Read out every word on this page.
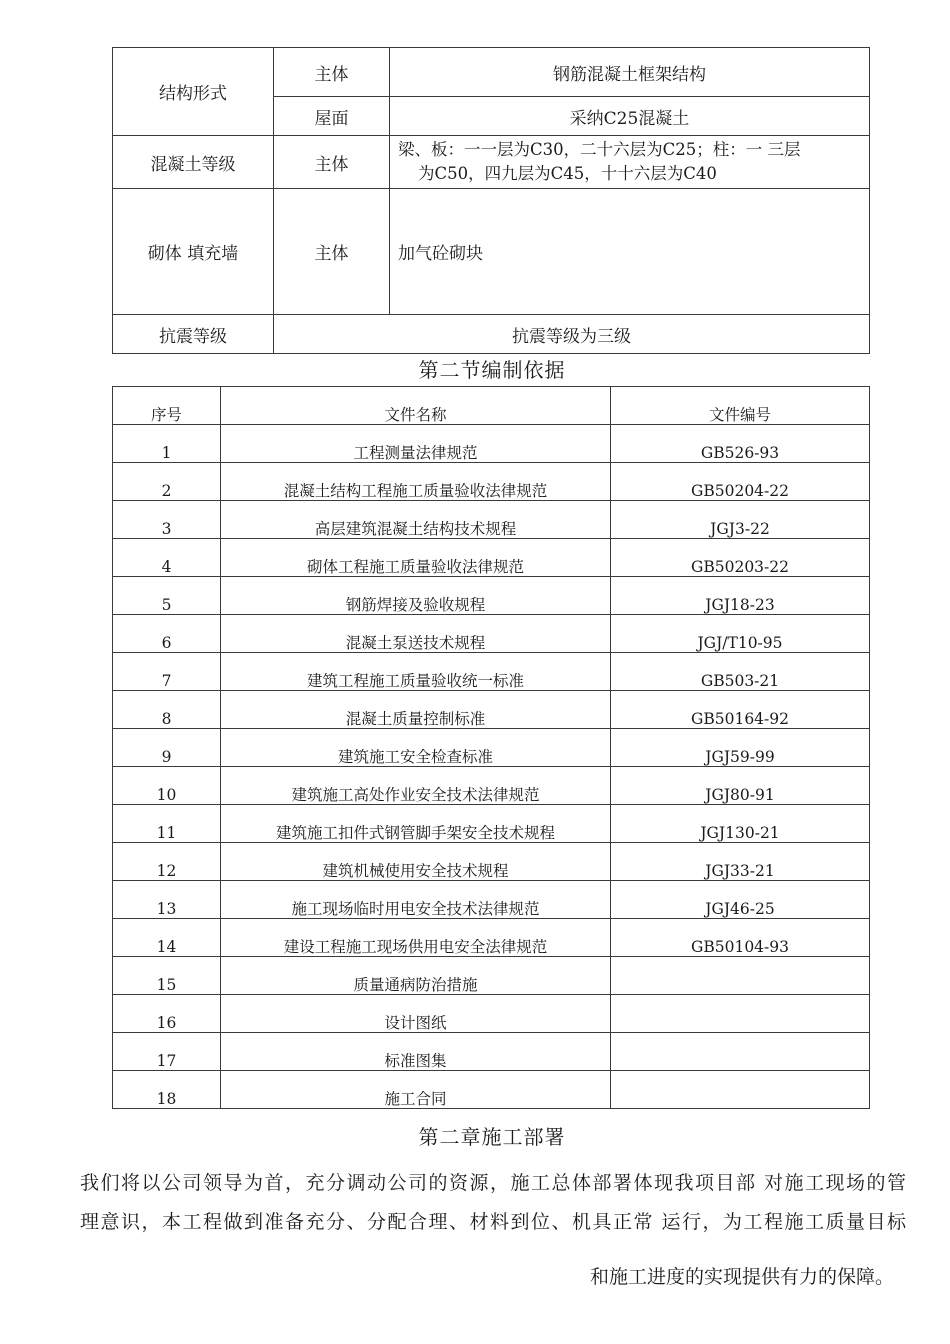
结构形式	主体	钢筋混凝土框架结构
	屋面	采纳C25混凝土
混凝土等级	主体	梁、板：一一层为C30，二十六层为C25；柱：一 三层
为C50，四九层为C45，十十六层为C40

砌体 填充墙	主体	加气砼砌块
抗震等级	抗震等级为三级	
第二节编制依据
序号	文件名称	文件编号
1	工程测量法律规范	GB526-93
2	混凝土结构工程施工质量验收法律规范	GB50204-22
3	高层建筑混凝土结构技术规程	JGJ3-22
4	砌体工程施工质量验收法律规范	GB50203-22
5	钢筋焊接及验收规程	JGJ18-23
6	混凝土泵送技术规程	JGJ/T10-95
7	建筑工程施工质量验收统一标准	GB503-21
8	混凝土质量控制标准	GB50164-92
9	建筑施工安全检查标准	JGJ59-99
10	建筑施工高处作业安全技术法律规范	JGJ80-91
11	建筑施工扣件式钢管脚手架安全技术规程	JGJ130-21
12	建筑机械使用安全技术规程	JGJ33-21
13	施工现场临时用电安全技术法律规范	JGJ46-25
14	建设工程施工现场供用电安全法律规范	GB50104-93
15	质量通病防治措施	
16	设计图纸	
17	标准图集	
18	施工合同	
第二章施工部署
我们将以公司领导为首，充分调动公司的资源，施工总体部署体现我项目部 对施工现场的管
理意识，本工程做到准备充分、分配合理、材料到位、机具正常 运行，为工程施工质量目标
和施工进度的实现提供有力的保障。
